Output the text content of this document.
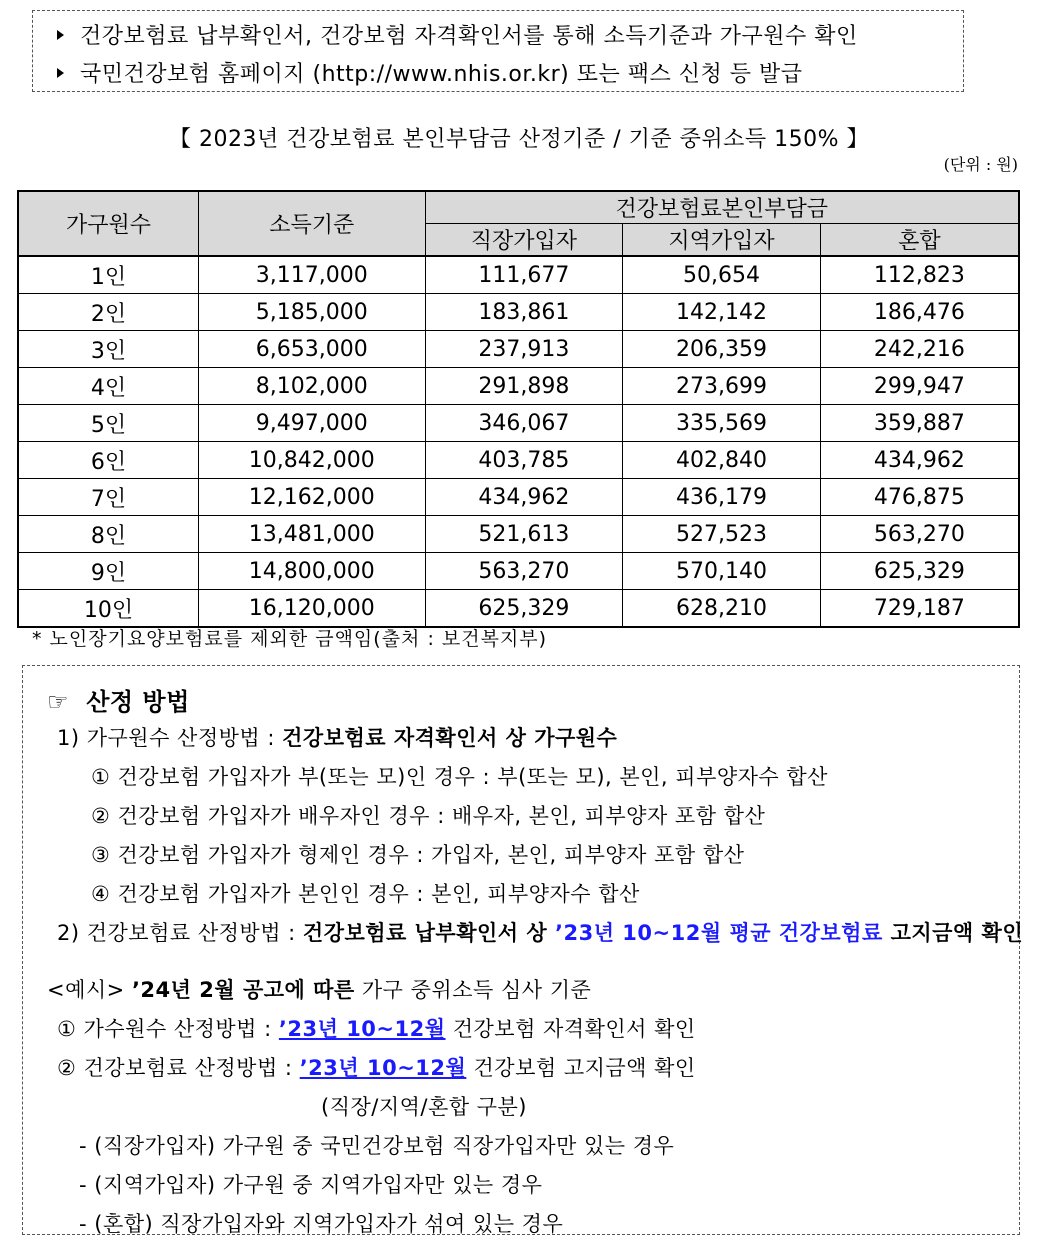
건강보험료 납부확인서, 건강보험 자격확인서를 통해 소득기준과 가구원수 확인
국민건강보험 홈페이지 (http://www.nhis.or.kr) 또는 팩스 신청 등 발급
【 2023년 건강보험료 본인부담금 산정기준 / 기준 중위소득 150% 】
(단위 : 원)
가구원수	소득기준	건강보험료본인부담금		
		직장가입자	지역가입자	혼합
1인	3,117,000	111,677	50,654	112,823
2인	5,185,000	183,861	142,142	186,476
3인	6,653,000	237,913	206,359	242,216
4인	8,102,000	291,898	273,699	299,947
5인	9,497,000	346,067	335,569	359,887
6인	10,842,000	403,785	402,840	434,962
7인	12,162,000	434,962	436,179	476,875
8인	13,481,000	521,613	527,523	563,270
9인	14,800,000	563,270	570,140	625,329
10인	16,120,000	625,329	628,210	729,187
* 노인장기요양보험료를 제외한 금액임(출처 : 보건복지부)
☞ 산정 방법
1) 가구원수 산정방법 : 건강보험료 자격확인서 상 가구원수
① 건강보험 가입자가 부(또는 모)인 경우 : 부(또는 모), 본인, 피부양자수 합산
② 건강보험 가입자가 배우자인 경우 : 배우자, 본인, 피부양자 포함 합산
③ 건강보험 가입자가 형제인 경우 : 가입자, 본인, 피부양자 포함 합산
④ 건강보험 가입자가 본인인 경우 : 본인, 피부양자수 합산
2) 건강보험료 산정방법 : 건강보험료 납부확인서 상 ’23년 10~12월 평균 건강보험료 고지금액 확인
<예시> ’24년 2월 공고에 따른 가구 중위소득 심사 기준
① 가수원수 산정방법 : ’23년 10~12월 건강보험 자격확인서 확인
② 건강보험료 산정방법 : ’23년 10~12월 건강보험 고지금액 확인
(직장/지역/혼합 구분)
- (직장가입자) 가구원 중 국민건강보험 직장가입자만 있는 경우
- (지역가입자) 가구원 중 지역가입자만 있는 경우
- (혼합) 직장가입자와 지역가입자가 섞여 있는 경우
